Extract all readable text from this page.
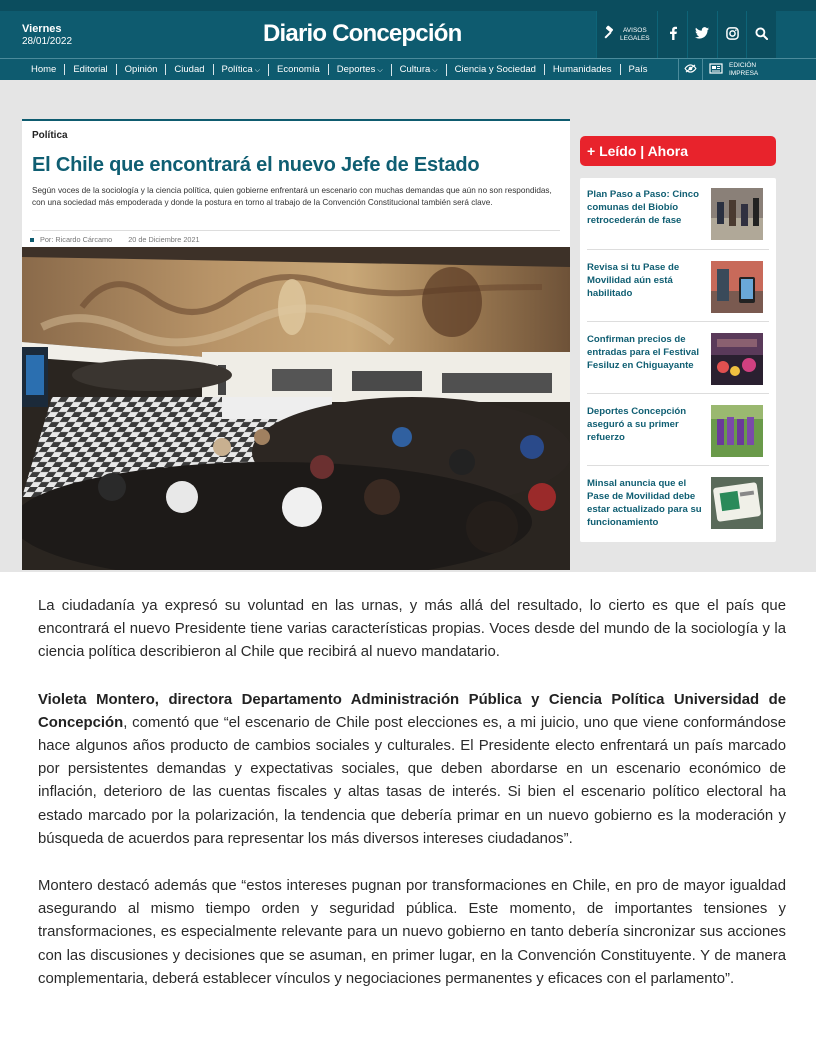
Viernes
28/01/2022	Diario Concepción	AVISOS
LEGALES
Home	Editorial	Opinión	Ciudad	Política ⌵	Economía	Deportes ⌵	Cultura ⌵	Ciencia y Sociedad	Humanidades	País	EDICIÓN
IMPRESA
Política
El Chile que encontrará el nuevo Jefe de Estado
Según voces de la sociología y la ciencia política, quien gobierne enfrentará un escenario con muchas demandas que aún no son respondidas, con una sociedad más empoderada y donde la postura en torno al trabajo de la Convención Constitucional también será clave.
Por: Ricardo Cárcamo 20 de Diciembre 2021
+ Leído | Ahora
Plan Paso a Paso: Cinco comunas del Biobío retrocederán de fase
Revisa si tu Pase de Movilidad aún está habilitado
Confirman precios de entradas para el Festival Fesiluz en Chiguayante
Deportes Concepción aseguró a su primer refuerzo
Minsal anuncia que el Pase de Movilidad debe estar actualizado para su funcionamiento

La ciudadanía ya expresó su voluntad en las urnas, y más allá del resultado, lo cierto es que el país que encontrará el nuevo Presidente tiene varias características propias. Voces desde del mundo de la sociología y la ciencia política describieron al Chile que recibirá al nuevo mandatario.

Violeta Montero, directora Departamento Administración Pública y Ciencia Política Universidad de Concepción, comentó que “el escenario de Chile post elecciones es, a mi juicio, uno que viene conformándose hace algunos años producto de cambios sociales y culturales. El Presidente electo enfrentará un país marcado por persistentes demandas y expectativas sociales, que deben abordarse en un escenario económico de inflación, deterioro de las cuentas fiscales y altas tasas de interés. Si bien el escenario político electoral ha estado marcado por la polarización, la tendencia que debería primar en un nuevo gobierno es la moderación y búsqueda de acuerdos para representar los más diversos intereses ciudadanos”.

Montero destacó además que “estos intereses pugnan por transformaciones en Chile, en pro de mayor igualdad asegurando al mismo tiempo orden y seguridad pública. Este momento, de importantes tensiones y transformaciones, es especialmente relevante para un nuevo gobierno en tanto debería sincronizar sus acciones con las discusiones y decisiones que se asuman, en primer lugar, en la Convención Constituyente. Y de manera complementaria, deberá establecer vínculos y negociaciones permanentes y eficaces con el parlamento”.
